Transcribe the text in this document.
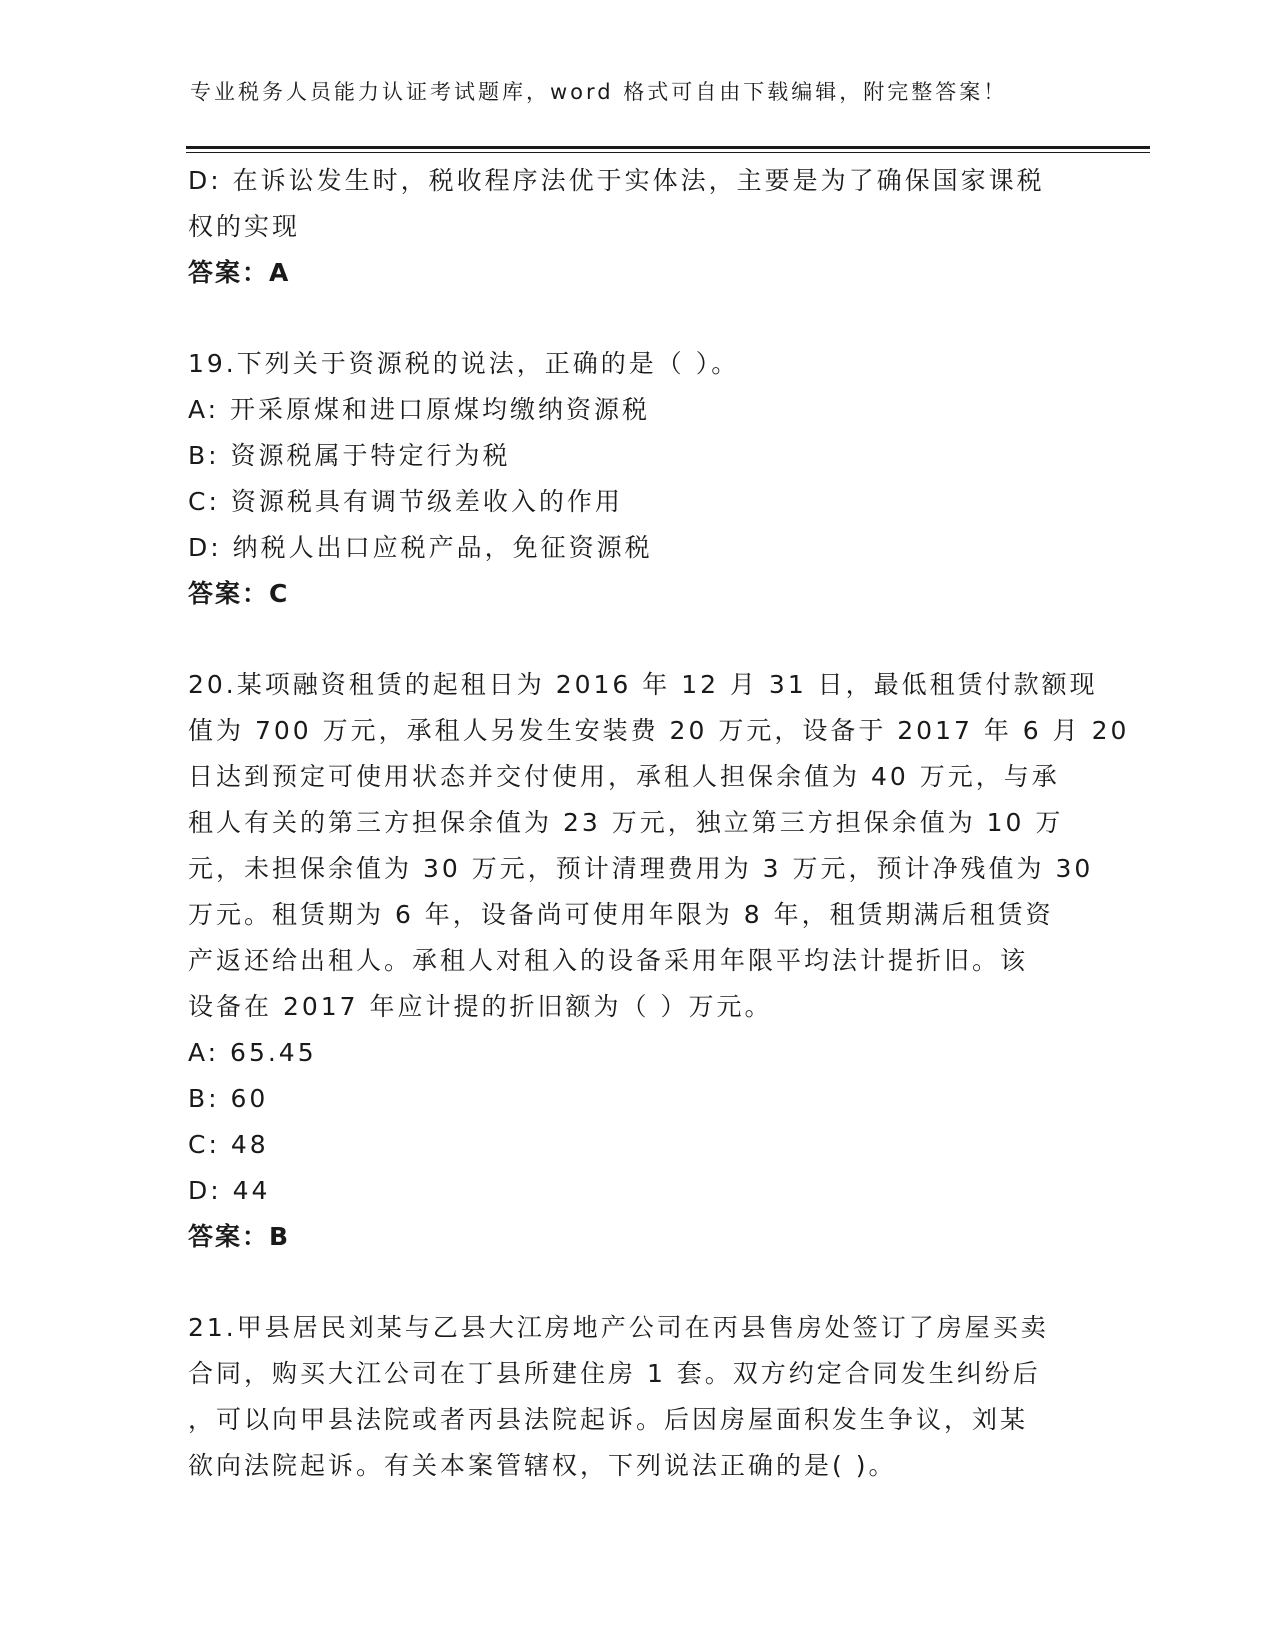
专业税务人员能力认证考试题库，word 格式可自由下载编辑，附完整答案！

D: 在诉讼发生时，税收程序法优于实体法，主要是为了确保国家课税

权的实现

答案：A

19.下列关于资源税的说法，正确的是（ ）。

A: 开采原煤和进口原煤均缴纳资源税

B: 资源税属于特定行为税

C: 资源税具有调节级差收入的作用

D: 纳税人出口应税产品，免征资源税

答案：C

20.某项融资租赁的起租日为 2016 年 12 月 31 日，最低租赁付款额现

值为 700 万元，承租人另发生安装费 20 万元，设备于 2017 年 6 月 20

日达到预定可使用状态并交付使用，承租人担保余值为 40 万元，与承

租人有关的第三方担保余值为 23 万元，独立第三方担保余值为 10 万

元，未担保余值为 30 万元，预计清理费用为 3 万元，预计净残值为 30

万元。租赁期为 6 年，设备尚可使用年限为 8 年，租赁期满后租赁资

产返还给出租人。承租人对租入的设备采用年限平均法计提折旧。该

设备在 2017 年应计提的折旧额为（ ）万元。

A: 65.45

B: 60

C: 48

D: 44

答案：B

21.甲县居民刘某与乙县大江房地产公司在丙县售房处签订了房屋买卖

合同，购买大江公司在丁县所建住房 1 套。双方约定合同发生纠纷后

，可以向甲县法院或者丙县法院起诉。后因房屋面积发生争议，刘某

欲向法院起诉。有关本案管辖权，下列说法正确的是( )。
